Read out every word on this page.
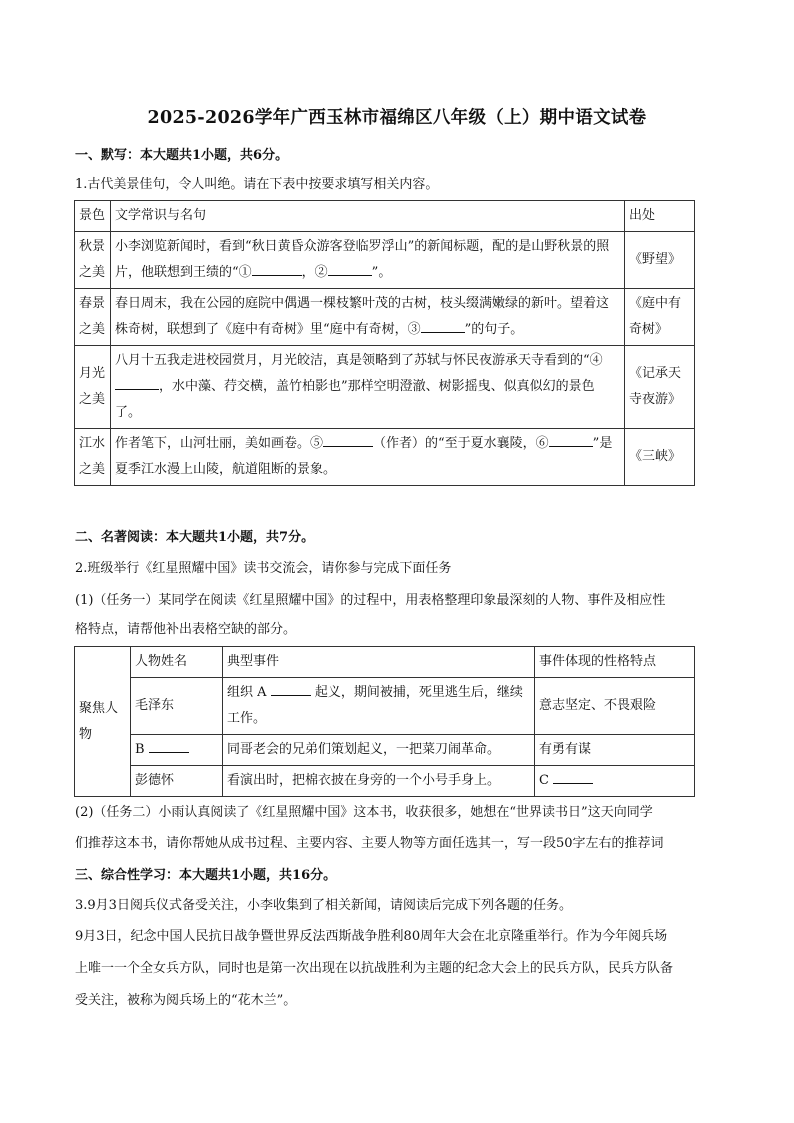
2025-2026学年广西玉林市福绵区八年级（上）期中语文试卷
一、默写：本大题共1小题，共6分。
1.古代美景佳句，令人叫绝。请在下表中按要求填写相关内容。
景色	文学常识与名句	出处
秋景之美	小李浏览新闻时，看到“秋日黄昏众游客登临罗浮山”的新闻标题，配的是山野秋景的照片，他联想到王绩的“① ，② ”。	《野望》
春景之美	春日周末，我在公园的庭院中偶遇一棵枝繁叶茂的古树，枝头缀满嫩绿的新叶。望着这株奇树，联想到了《庭中有奇树》里“庭中有奇树，③ ”的句子。	《庭中有奇树》
月光之美	八月十五我走进校园赏月，月光皎洁，真是领略到了苏轼与怀民夜游承天寺看到的“④，水中藻、荇交横，盖竹柏影也”那样空明澄澈、树影摇曳、似真似幻的景色了。	《记承天寺夜游》
江水之美	作者笔下，山河壮丽，美如画卷。⑤ （作者）的“至于夏水襄陵，⑥ ”是夏季江水漫上山陵，航道阻断的景象。	《三峡》
二、名著阅读：本大题共1小题，共7分。
2.班级举行《红星照耀中国》读书交流会，请你参与完成下面任务
(1)（任务一）某同学在阅读《红星照耀中国》的过程中，用表格整理印象最深刻的人物、事件及相应性
格特点，请帮他补出表格空缺的部分。
聚焦人物	人物姓名	典型事件	事件体现的性格特点
	毛泽东	组织 A 起义，期间被捕，死里逃生后，继续工作。	意志坚定、不畏艰险
	B	同哥老会的兄弟们策划起义，一把菜刀闹革命。	有勇有谋
	彭德怀	看演出时，把棉衣披在身旁的一个小号手身上。	C
(2)（任务二）小雨认真阅读了《红星照耀中国》这本书，收获很多，她想在“世界读书日”这天向同学
们推荐这本书，请你帮她从成书过程、主要内容、主要人物等方面任选其一，写一段50字左右的推荐词
三、综合性学习：本大题共1小题，共16分。
3.9月3日阅兵仪式备受关注，小李收集到了相关新闻，请阅读后完成下列各题的任务。
9月3日，纪念中国人民抗日战争暨世界反法西斯战争胜利80周年大会在北京隆重举行。作为今年阅兵场
上唯一一个全女兵方队，同时也是第一次出现在以抗战胜利为主题的纪念大会上的民兵方队，民兵方队备
受关注，被称为阅兵场上的“花木兰”。
